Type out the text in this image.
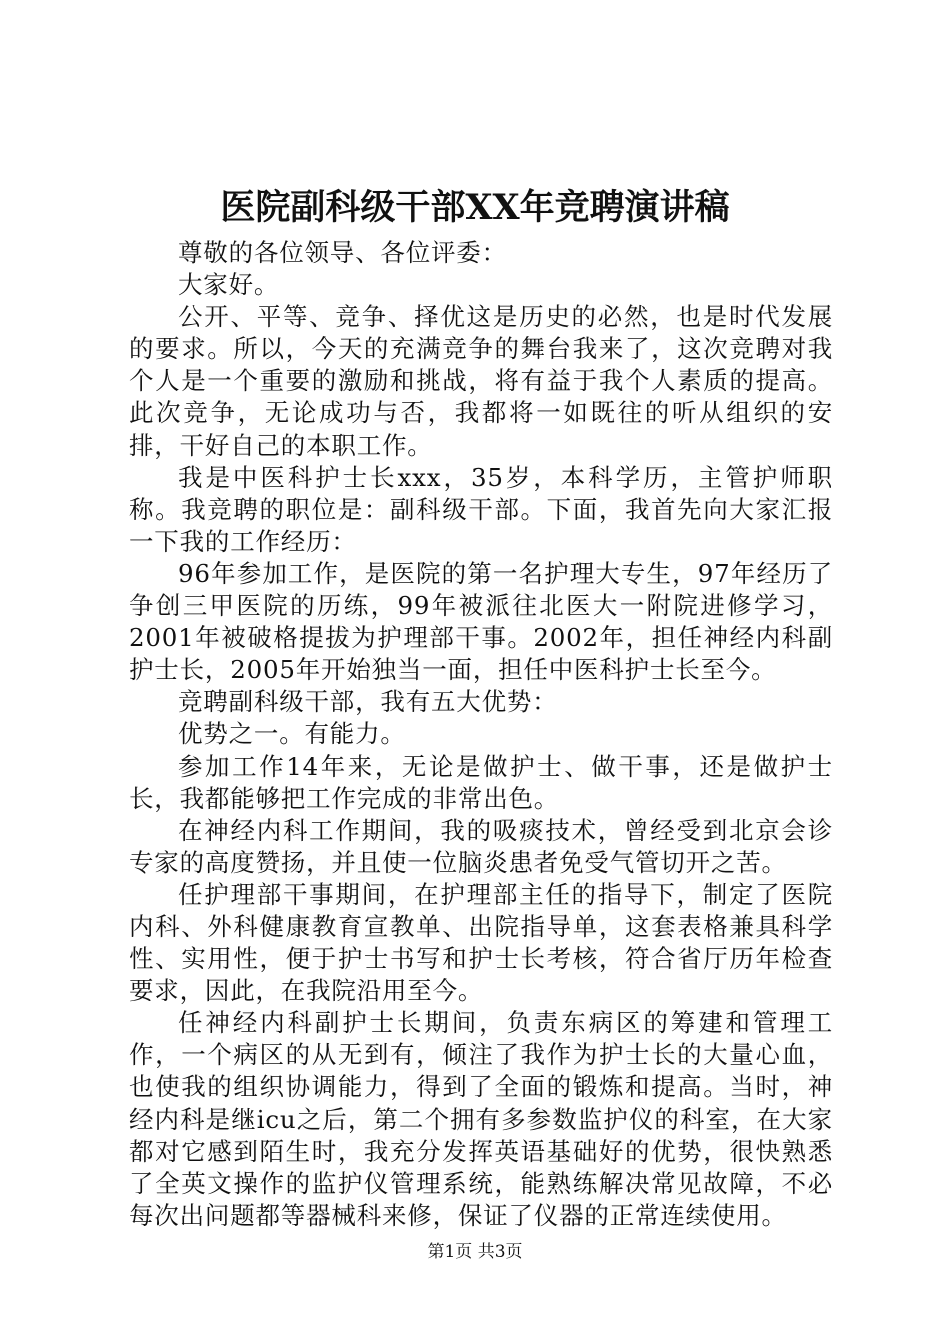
医院副科级干部XX年竞聘演讲稿

尊敬的各位领导、各位评委：

大家好。

公开、平等、竞争、择优这是历史的必然，也是时代发展的要求。所以，今天的充满竞争的舞台我来了，这次竞聘对我个人是一个重要的激励和挑战，将有益于我个人素质的提高。此次竞争，无论成功与否，我都将一如既往的听从组织的安排，干好自己的本职工作。

我是中医科护士长xxx，35岁，本科学历，主管护师职称。我竞聘的职位是：副科级干部。下面，我首先向大家汇报一下我的工作经历：

96年参加工作，是医院的第一名护理大专生，97年经历了争创三甲医院的历练，99年被派往北医大一附院进修学习，2001年被破格提拔为护理部干事。2002年，担任神经内科副护士长，2005年开始独当一面，担任中医科护士长至今。

竞聘副科级干部，我有五大优势：

优势之一。有能力。

参加工作14年来，无论是做护士、做干事，还是做护士长，我都能够把工作完成的非常出色。

在神经内科工作期间，我的吸痰技术，曾经受到北京会诊专家的高度赞扬，并且使一位脑炎患者免受气管切开之苦。

任护理部干事期间，在护理部主任的指导下，制定了医院内科、外科健康教育宣教单、出院指导单，这套表格兼具科学性、实用性，便于护士书写和护士长考核，符合省厅历年检查要求，因此，在我院沿用至今。

任神经内科副护士长期间，负责东病区的筹建和管理工作，一个病区的从无到有，倾注了我作为护士长的大量心血，也使我的组织协调能力，得到了全面的锻炼和提高。当时，神经内科是继icu之后，第二个拥有多参数监护仪的科室，在大家都对它感到陌生时，我充分发挥英语基础好的优势，很快熟悉了全英文操作的监护仪管理系统，能熟练解决常见故障，不必每次出问题都等器械科来修，保证了仪器的正常连续使用。

第1页 共3页
